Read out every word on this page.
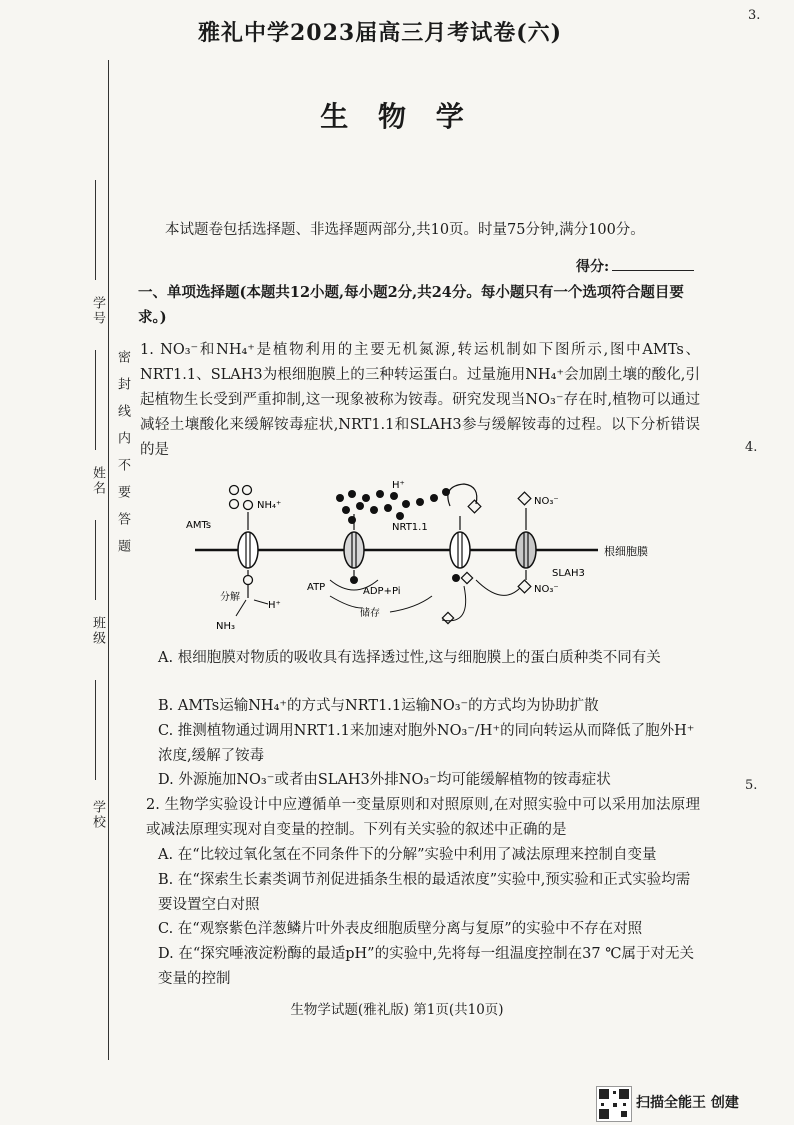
雅礼中学2023届高三月考试卷(六)
3.
生 物 学
学号
姓名
班级
学校
密封线内不要答题	4.
5.
本试题卷包括选择题、非选择题两部分,共10页。时量75分钟,满分100分。
得分:
一、单项选择题(本题共12小题,每小题2分,共24分。每小题只有一个选项符合题目要求。)
1. NO₃⁻和NH₄⁺是植物利用的主要无机氮源,转运机制如下图所示,图中AMTs、NRT1.1、SLAH3为根细胞膜上的三种转运蛋白。过量施用NH₄⁺会加剧土壤的酸化,引起植物生长受到严重抑制,这一现象被称为铵毒。研究发现当NO₃⁻存在时,植物可以通过减轻土壤酸化来缓解铵毒症状,NRT1.1和SLAH3参与缓解铵毒的过程。以下分析错误的是
根细胞膜
NH₄⁺
AMTs
分解
H⁺
NH₃
ATP	ADP+Pi
H⁺
NRT1.1
储存
NO₃⁻
NO₃⁻
SLAH3
A. 根细胞膜对物质的吸收具有选择透过性,这与细胞膜上的蛋白质种类不同有关
B. AMTs运输NH₄⁺的方式与NRT1.1运输NO₃⁻的方式均为协助扩散
C. 推测植物通过调用NRT1.1来加速对胞外NO₃⁻/H⁺的同向转运从而降低了胞外H⁺浓度,缓解了铵毒
D. 外源施加NO₃⁻或者由SLAH3外排NO₃⁻均可能缓解植物的铵毒症状
2. 生物学实验设计中应遵循单一变量原则和对照原则,在对照实验中可以采用加法原理或减法原理实现对自变量的控制。下列有关实验的叙述中正确的是
A. 在“比较过氧化氢在不同条件下的分解”实验中利用了减法原理来控制自变量
B. 在“探索生长素类调节剂促进插条生根的最适浓度”实验中,预实验和正式实验均需要设置空白对照
C. 在“观察紫色洋葱鳞片叶外表皮细胞质壁分离与复原”的实验中不存在对照
D. 在“探究唾液淀粉酶的最适pH”的实验中,先将每一组温度控制在37 ℃属于对无关变量的控制
生物学试题(雅礼版) 第1页(共10页)
扫描全能王 创建
